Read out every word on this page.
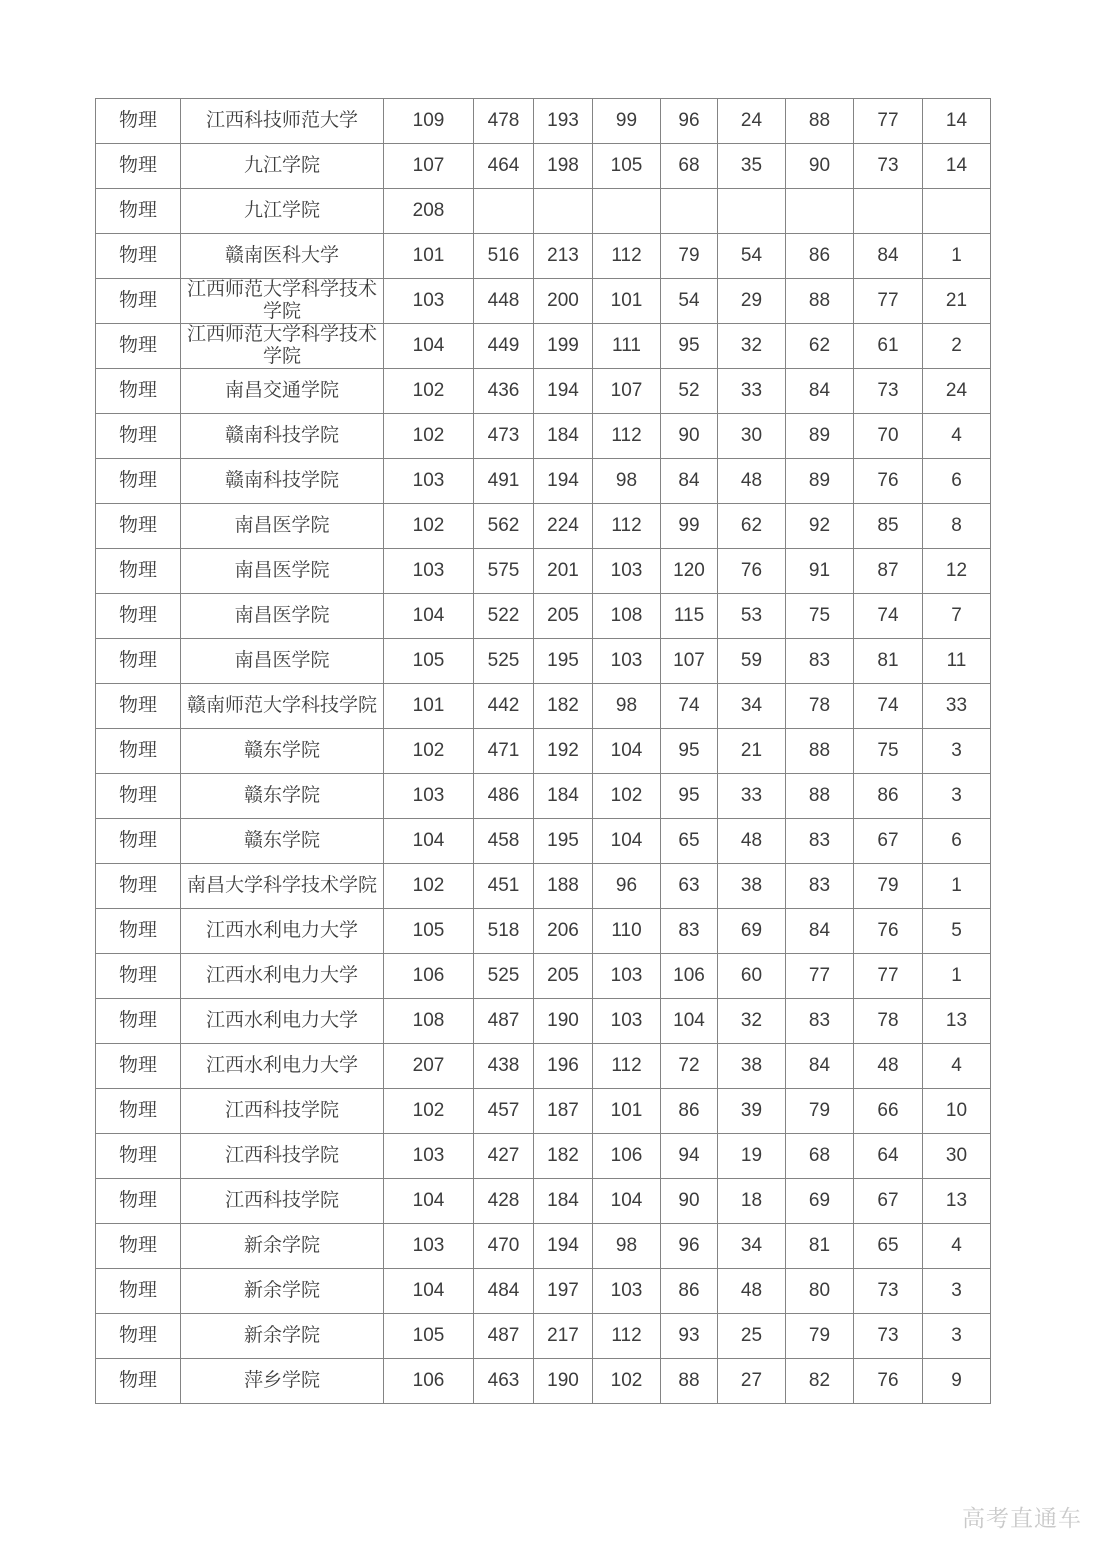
物理	江西科技师范大学	109	478	193	99	96	24	88	77	14
物理	九江学院	107	464	198	105	68	35	90	73	14
物理	九江学院	208								
物理	赣南医科大学	101	516	213	112	79	54	86	84	1
物理	江西师范大学科学技术学院	103	448	200	101	54	29	88	77	21
物理	江西师范大学科学技术学院	104	449	199	111	95	32	62	61	2
物理	南昌交通学院	102	436	194	107	52	33	84	73	24
物理	赣南科技学院	102	473	184	112	90	30	89	70	4
物理	赣南科技学院	103	491	194	98	84	48	89	76	6
物理	南昌医学院	102	562	224	112	99	62	92	85	8
物理	南昌医学院	103	575	201	103	120	76	91	87	12
物理	南昌医学院	104	522	205	108	115	53	75	74	7
物理	南昌医学院	105	525	195	103	107	59	83	81	11
物理	赣南师范大学科技学院	101	442	182	98	74	34	78	74	33
物理	赣东学院	102	471	192	104	95	21	88	75	3
物理	赣东学院	103	486	184	102	95	33	88	86	3
物理	赣东学院	104	458	195	104	65	48	83	67	6
物理	南昌大学科学技术学院	102	451	188	96	63	38	83	79	1
物理	江西水利电力大学	105	518	206	110	83	69	84	76	5
物理	江西水利电力大学	106	525	205	103	106	60	77	77	1
物理	江西水利电力大学	108	487	190	103	104	32	83	78	13
物理	江西水利电力大学	207	438	196	112	72	38	84	48	4
物理	江西科技学院	102	457	187	101	86	39	79	66	10
物理	江西科技学院	103	427	182	106	94	19	68	64	30
物理	江西科技学院	104	428	184	104	90	18	69	67	13
物理	新余学院	103	470	194	98	96	34	81	65	4
物理	新余学院	104	484	197	103	86	48	80	73	3
物理	新余学院	105	487	217	112	93	25	79	73	3
物理	萍乡学院	106	463	190	102	88	27	82	76	9
高考直通车
